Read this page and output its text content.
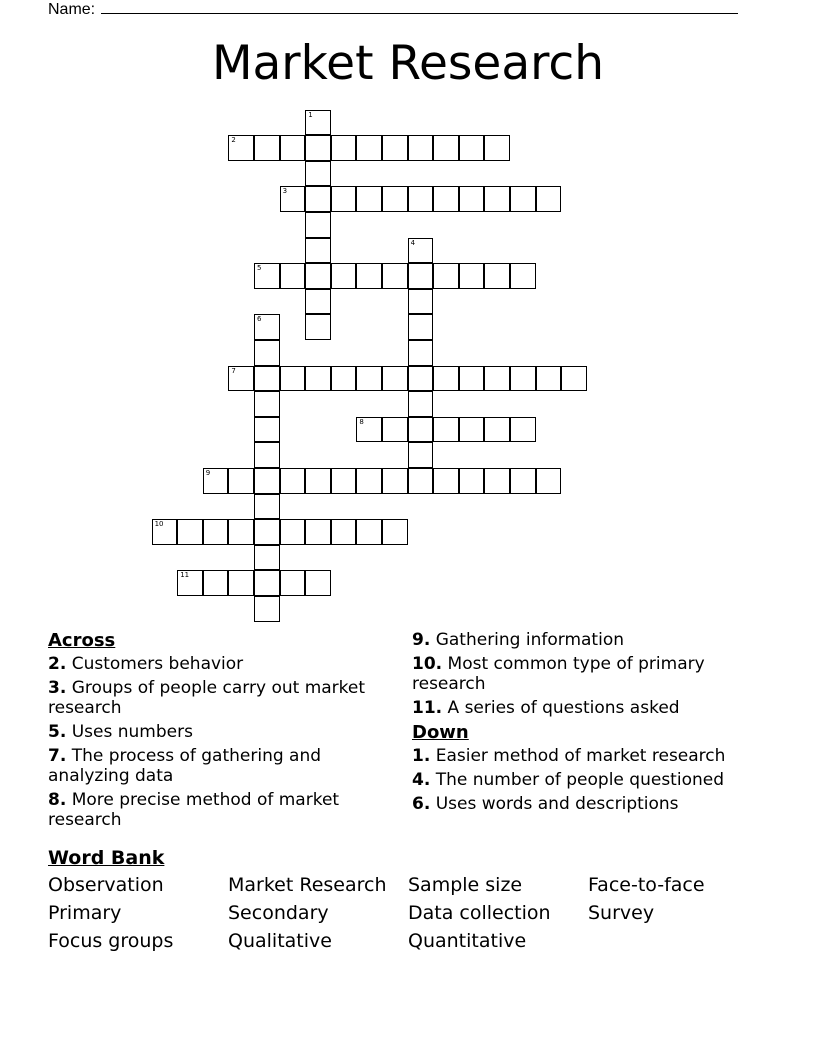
Name:
Market Research
1
2
3
4
5
6
7
8
9
10
11
Across
2. Customers behavior
3. Groups of people carry out market research
5. Uses numbers
7. The process of gathering and analyzing data
8. More precise method of market research
9. Gathering information
10. Most common type of primary research
11. A series of questions asked
Down
1. Easier method of market research
4. The number of people questioned
6. Uses words and descriptions
Word Bank
Observation	Market Research	Sample size	Face-to-face
Primary	Secondary	Data collection	Survey
Focus groups	Qualitative	Quantitative
